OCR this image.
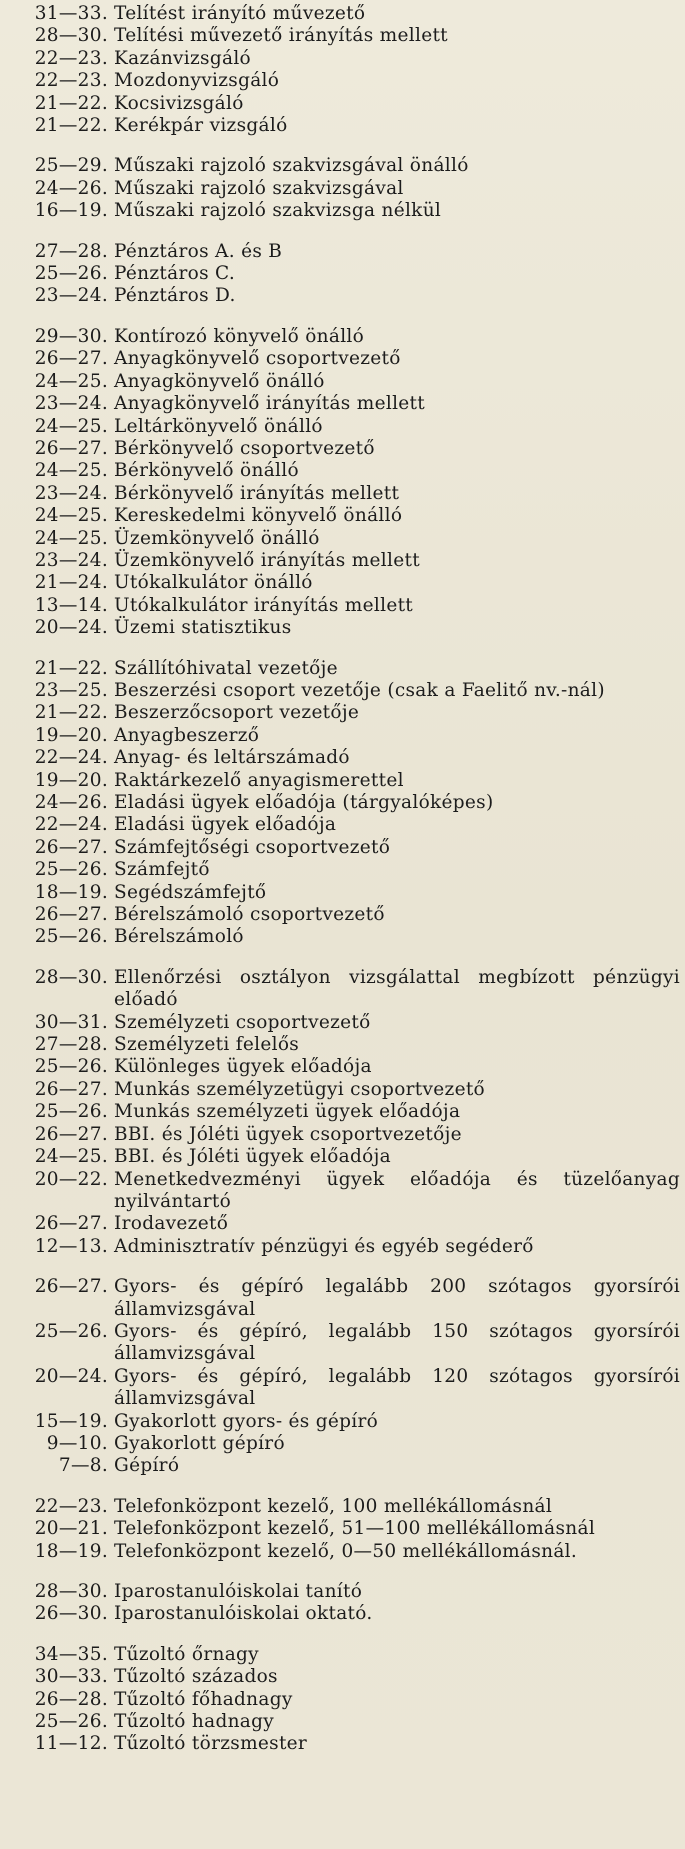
31—33. Telítést irányító művezető
28—30. Telítési művezető irányítás mellett
22—23. Kazánvizsgáló
22—23. Mozdonyvizsgáló
21—22. Kocsivizsgáló
21—22. Kerékpár vizsgáló
25—29. Műszaki rajzoló szakvizsgával önálló
24—26. Műszaki rajzoló szakvizsgával
16—19. Műszaki rajzoló szakvizsga nélkül
27—28. Pénztáros A. és B
25—26. Pénztáros C.
23—24. Pénztáros D.
29—30. Kontírozó könyvelő önálló
26—27. Anyagkönyvelő csoportvezető
24—25. Anyagkönyvelő önálló
23—24. Anyagkönyvelő irányítás mellett
24—25. Leltárkönyvelő önálló
26—27. Bérkönyvelő csoportvezető
24—25. Bérkönyvelő önálló
23—24. Bérkönyvelő irányítás mellett
24—25. Kereskedelmi könyvelő önálló
24—25. Üzemkönyvelő önálló
23—24. Üzemkönyvelő irányítás mellett
21—24. Utókalkulátor önálló
13—14. Utókalkulátor irányítás mellett
20—24. Üzemi statisztikus
21—22. Szállítóhivatal vezetője
23—25. Beszerzési csoport vezetője (csak a Faelitő nv.-nál)
21—22. Beszerzőcsoport vezetője
19—20. Anyagbeszerző
22—24. Anyag- és leltárszámadó
19—20. Raktárkezelő anyagismerettel
24—26. Eladási ügyek előadója (tárgyalóképes)
22—24. Eladási ügyek előadója
26—27. Számfejtőségi csoportvezető
25—26. Számfejtő
18—19. Segédszámfejtő
26—27. Bérelszámoló csoportvezető
25—26. Bérelszámoló
28—30. Ellenőrzési osztályon vizsgálattal megbízott pénzügyi előadó
30—31. Személyzeti csoportvezető
27—28. Személyzeti felelős
25—26. Különleges ügyek előadója
26—27. Munkás személyzetügyi csoportvezető
25—26. Munkás személyzeti ügyek előadója
26—27. BBI. és Jóléti ügyek csoportvezetője
24—25. BBI. és Jóléti ügyek előadója
20—22. Menetkedvezményi ügyek előadója és tüzelőanyag nyilvántartó
26—27. Irodavezető
12—13. Adminisztratív pénzügyi és egyéb segéderő
26—27. Gyors- és gépíró legalább 200 szótagos gyorsírói államvizsgával
25—26. Gyors- és gépíró, legalább 150 szótagos gyorsírói államvizsgával
20—24. Gyors- és gépíró, legalább 120 szótagos gyorsírói államvizsgával
15—19. Gyakorlott gyors- és gépíró
9—10. Gyakorlott gépíró
7—8. Gépíró
22—23. Telefonközpont kezelő, 100 mellékállomásnál
20—21. Telefonközpont kezelő, 51—100 mellékállomásnál
18—19. Telefonközpont kezelő, 0—50 mellékállomásnál.
28—30. Iparostanulóiskolai tanító
26—30. Iparostanulóiskolai oktató.
34—35. Tűzoltó őrnagy
30—33. Tűzoltó százados
26—28. Tűzoltó főhadnagy
25—26. Tűzoltó hadnagy
11—12. Tűzoltó törzsmester
